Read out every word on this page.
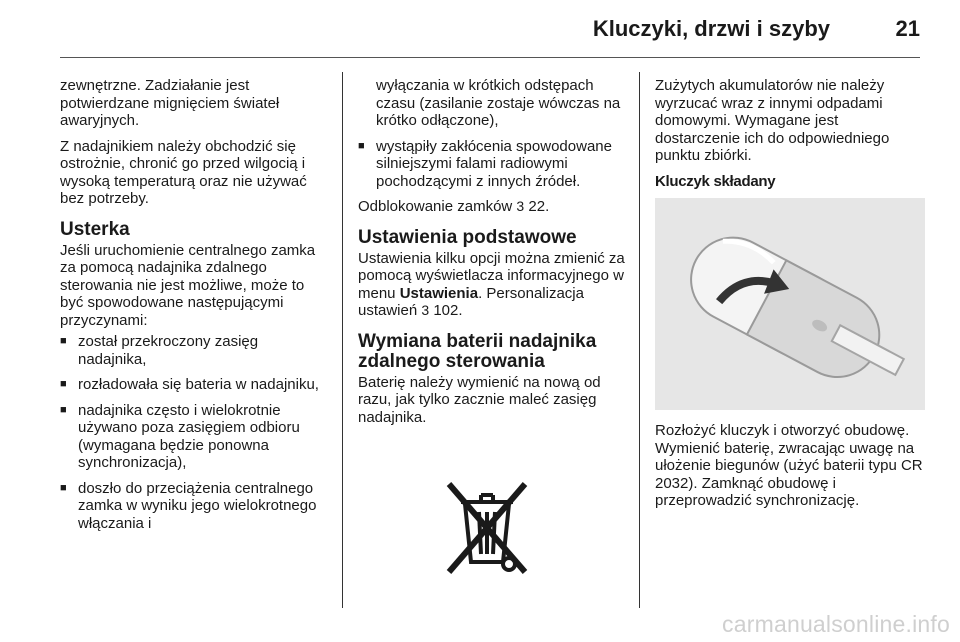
Kluczyki, drzwi i szyby	21

zewnętrzne. Zadziałanie jest potwierdzane mignięciem świateł awaryjnych.

Z nadajnikiem należy obchodzić się ostrożnie, chronić go przed wilgocią i wysoką temperaturą oraz nie używać bez potrzeby.

Usterka

Jeśli uruchomienie centralnego zamka za pomocą nadajnika zdalnego sterowania nie jest możliwe, może to być spowodowane następującymi przyczynami:

■ został przekroczony zasięg nadajnika,
■ rozładowała się bateria w nadajniku,
■ nadajnika często i wielokrotnie używano poza zasięgiem odbioru (wymagana będzie ponowna synchronizacja),
■ doszło do przeciążenia centralnego zamka w wyniku jego wielokrotnego włączania i

wyłączania w krótkich odstępach czasu (zasilanie zostaje wówczas na krótko odłączone),

■ wystąpiły zakłócenia spowodowane silniejszymi falami radiowymi pochodzącymi z innych źródeł.

Odblokowanie zamków 3 22.

Ustawienia podstawowe

Ustawienia kilku opcji można zmienić za pomocą wyświetlacza informacyjnego w menu Ustawienia. Personalizacja ustawień 3 102.

Wymiana baterii nadajnika zdalnego sterowania

Baterię należy wymienić na nową od razu, jak tylko zacznie maleć zasięg nadajnika.

Zużytych akumulatorów nie należy wyrzucać wraz z innymi odpadami domowymi. Wymagane jest dostarczenie ich do odpowiedniego punktu zbiórki.

Kluczyk składany

Rozłożyć kluczyk i otworzyć obudowę. Wymienić baterię, zwracając uwagę na ułożenie biegunów (użyć baterii typu CR 2032). Zamknąć obudowę i przeprowadzić synchronizację.

carmanualsonline.info
